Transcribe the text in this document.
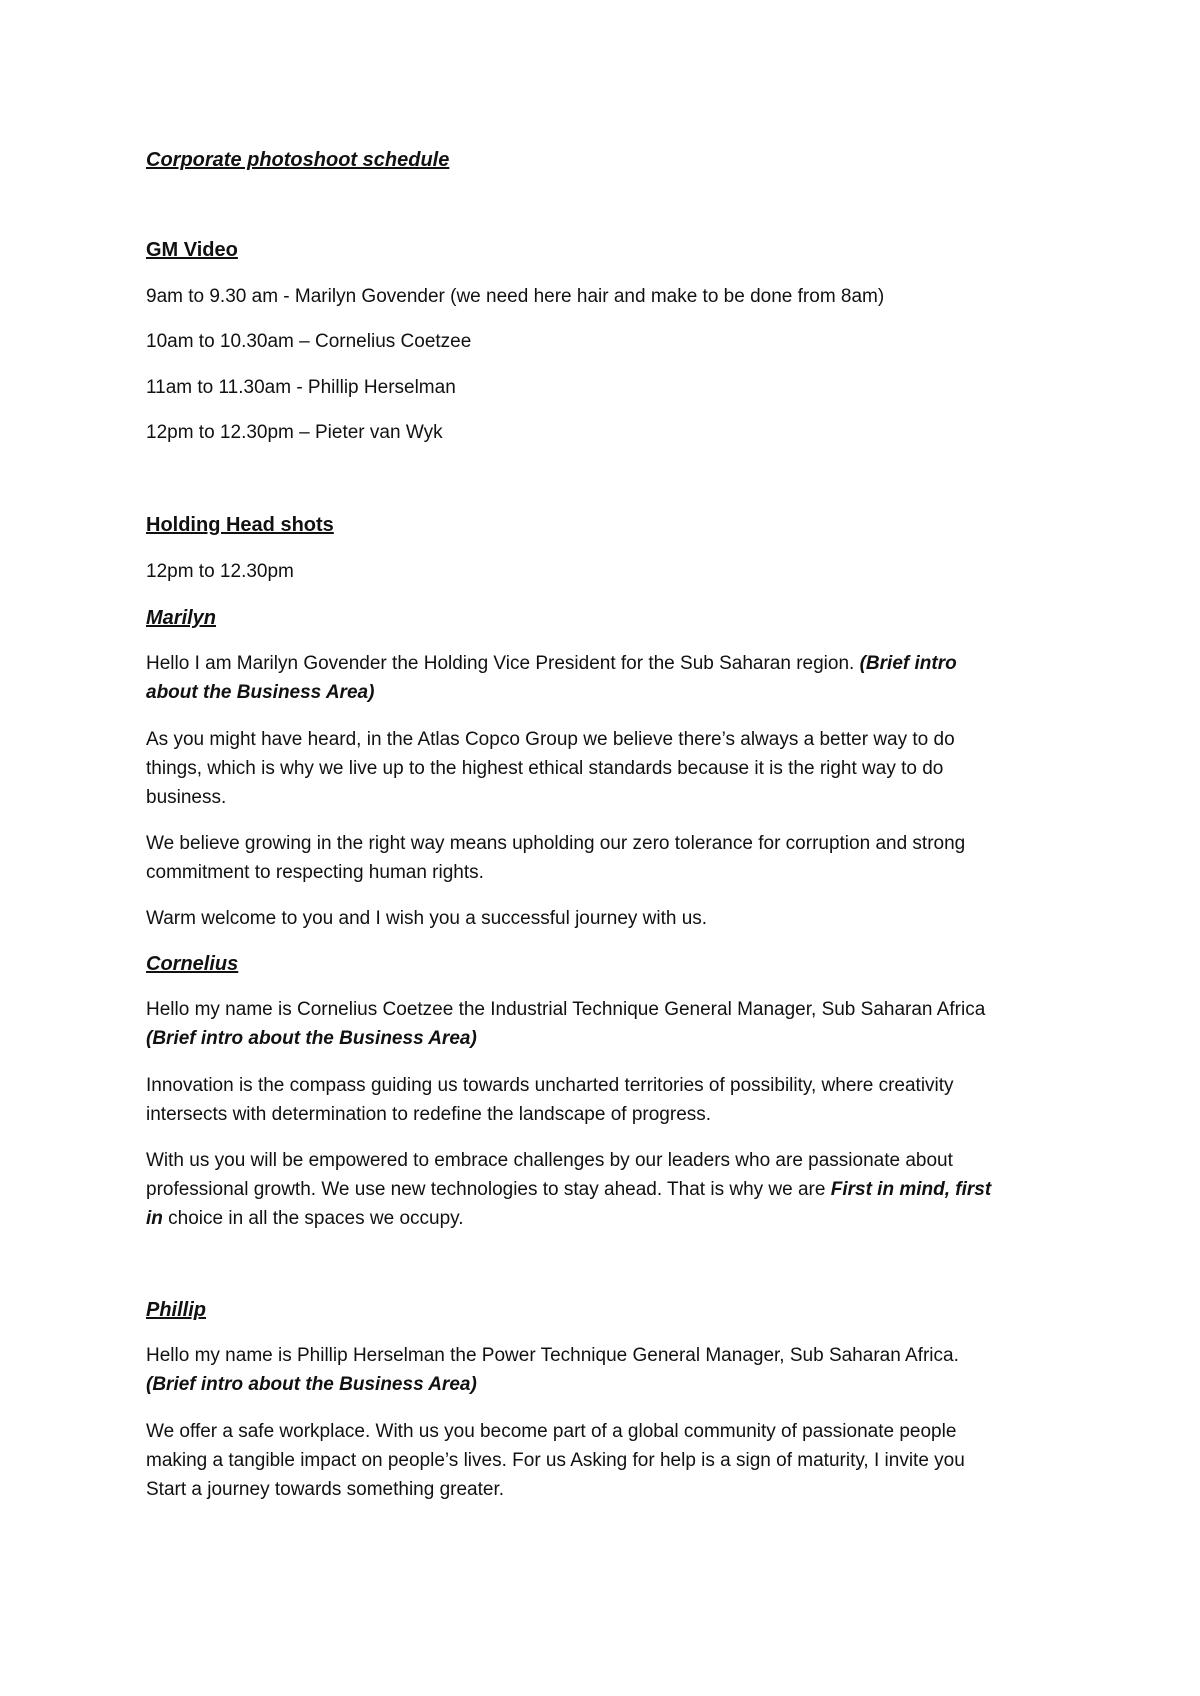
Corporate photoshoot schedule

GM Video

9am to 9.30 am - Marilyn Govender (we need here hair and make to be done from 8am)

10am to 10.30am – Cornelius Coetzee

11am to 11.30am - Phillip Herselman

12pm to 12.30pm – Pieter van Wyk

Holding Head shots

12pm to 12.30pm

Marilyn

Hello I am Marilyn Govender the Holding Vice President for the Sub Saharan region. (Brief intro

about the Business Area)

As you might have heard, in the Atlas Copco Group we believe there’s always a better way to do

things, which is why we live up to the highest ethical standards because it is the right way to do

business.

We believe growing in the right way means upholding our zero tolerance for corruption and strong

commitment to respecting human rights.

Warm welcome to you and I wish you a successful journey with us.

Cornelius

Hello my name is Cornelius Coetzee the Industrial Technique General Manager, Sub Saharan Africa

(Brief intro about the Business Area)

Innovation is the compass guiding us towards uncharted territories of possibility, where creativity

intersects with determination to redefine the landscape of progress.

With us you will be empowered to embrace challenges by our leaders who are passionate about

professional growth. We use new technologies to stay ahead. That is why we are First in mind, first

in choice in all the spaces we occupy.

Phillip

Hello my name is Phillip Herselman the Power Technique General Manager, Sub Saharan Africa.

(Brief intro about the Business Area)

We offer a safe workplace. With us you become part of a global community of passionate people

making a tangible impact on people’s lives. For us Asking for help is a sign of maturity, I invite you

Start a journey towards something greater.
